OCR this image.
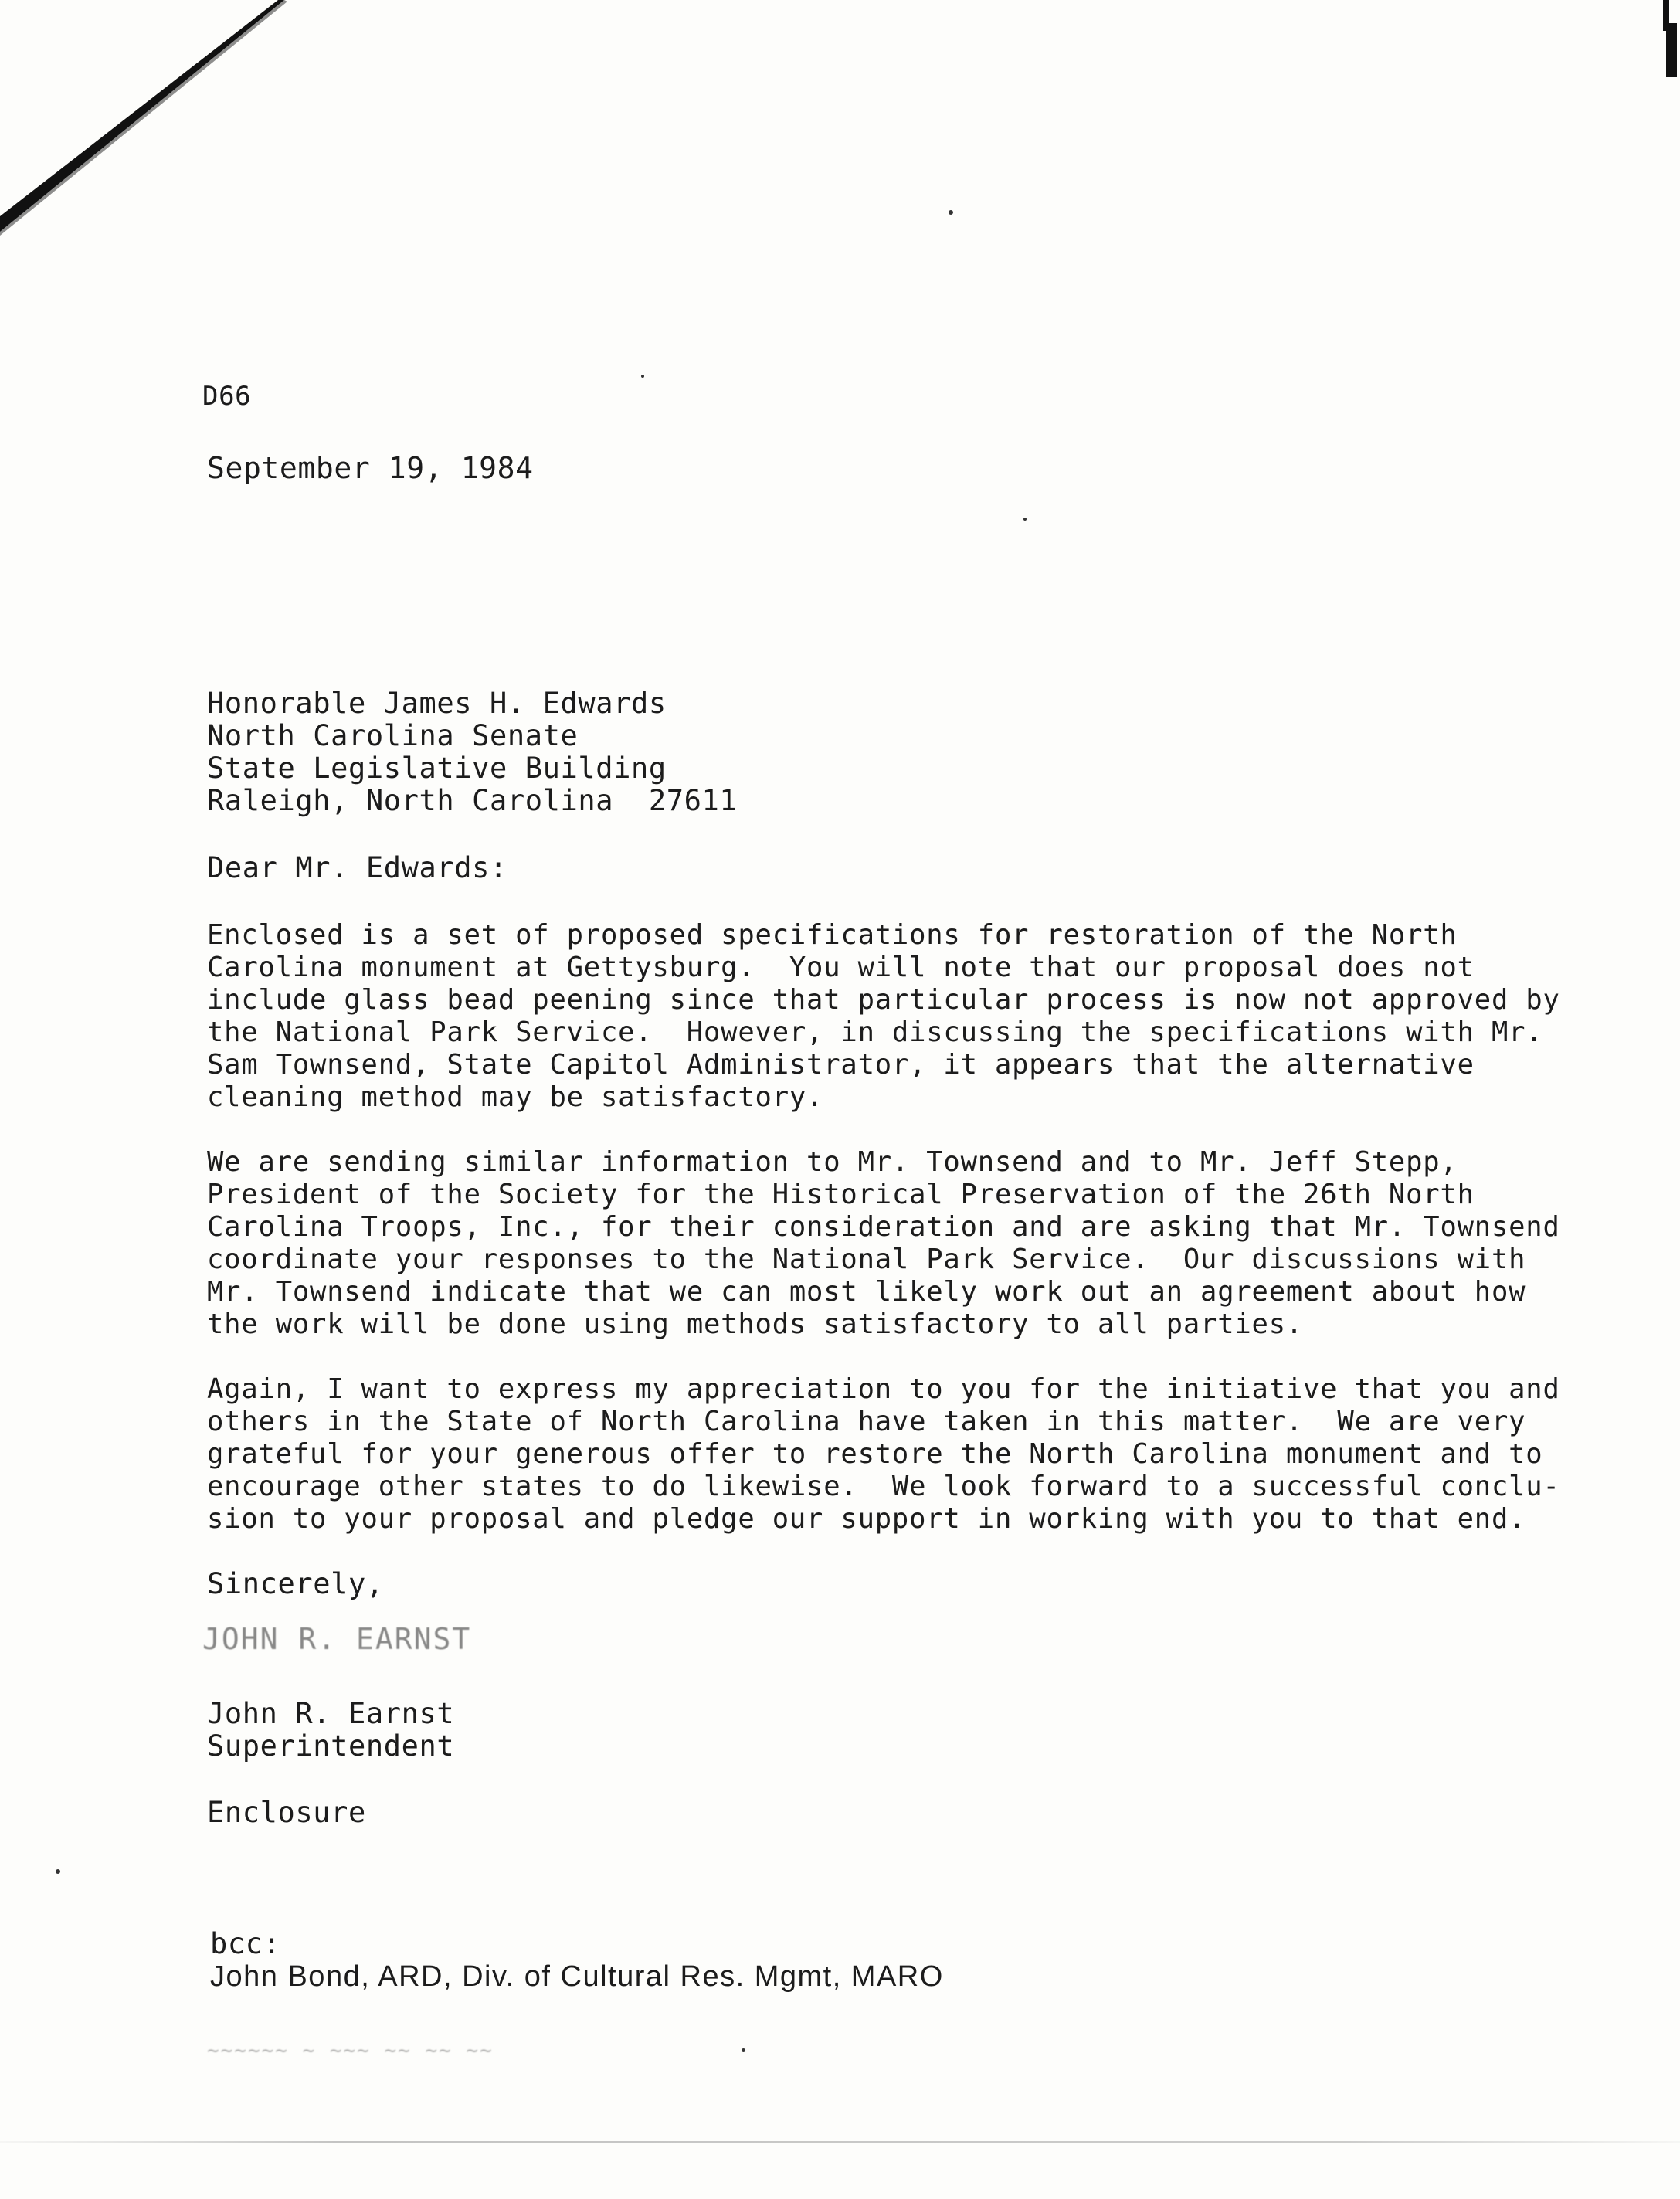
D66
September 19, 1984
Honorable James H. Edwards
North Carolina Senate
State Legislative Building
Raleigh, North Carolina  27611
Dear Mr. Edwards:
Enclosed is a set of proposed specifications for restoration of the North
Carolina monument at Gettysburg.  You will note that our proposal does not
include glass bead peening since that particular process is now not approved by
the National Park Service.  However, in discussing the specifications with Mr.
Sam Townsend, State Capitol Administrator, it appears that the alternative
cleaning method may be satisfactory.
We are sending similar information to Mr. Townsend and to Mr. Jeff Stepp,
President of the Society for the Historical Preservation of the 26th North
Carolina Troops, Inc., for their consideration and are asking that Mr. Townsend
coordinate your responses to the National Park Service.  Our discussions with
Mr. Townsend indicate that we can most likely work out an agreement about how
the work will be done using methods satisfactory to all parties.
Again, I want to express my appreciation to you for the initiative that you and
others in the State of North Carolina have taken in this matter.  We are very
grateful for your generous offer to restore the North Carolina monument and to
encourage other states to do likewise.  We look forward to a successful conclu-
sion to your proposal and pledge our support in working with you to that end.
Sincerely,
JOHN R. EARNST
John R. Earnst
Superintendent
Enclosure
bcc:
John Bond, ARD, Div. of Cultural Res. Mgmt, MARO
~~~~~~ ~ ~~~ ~~ ~~ ~~
